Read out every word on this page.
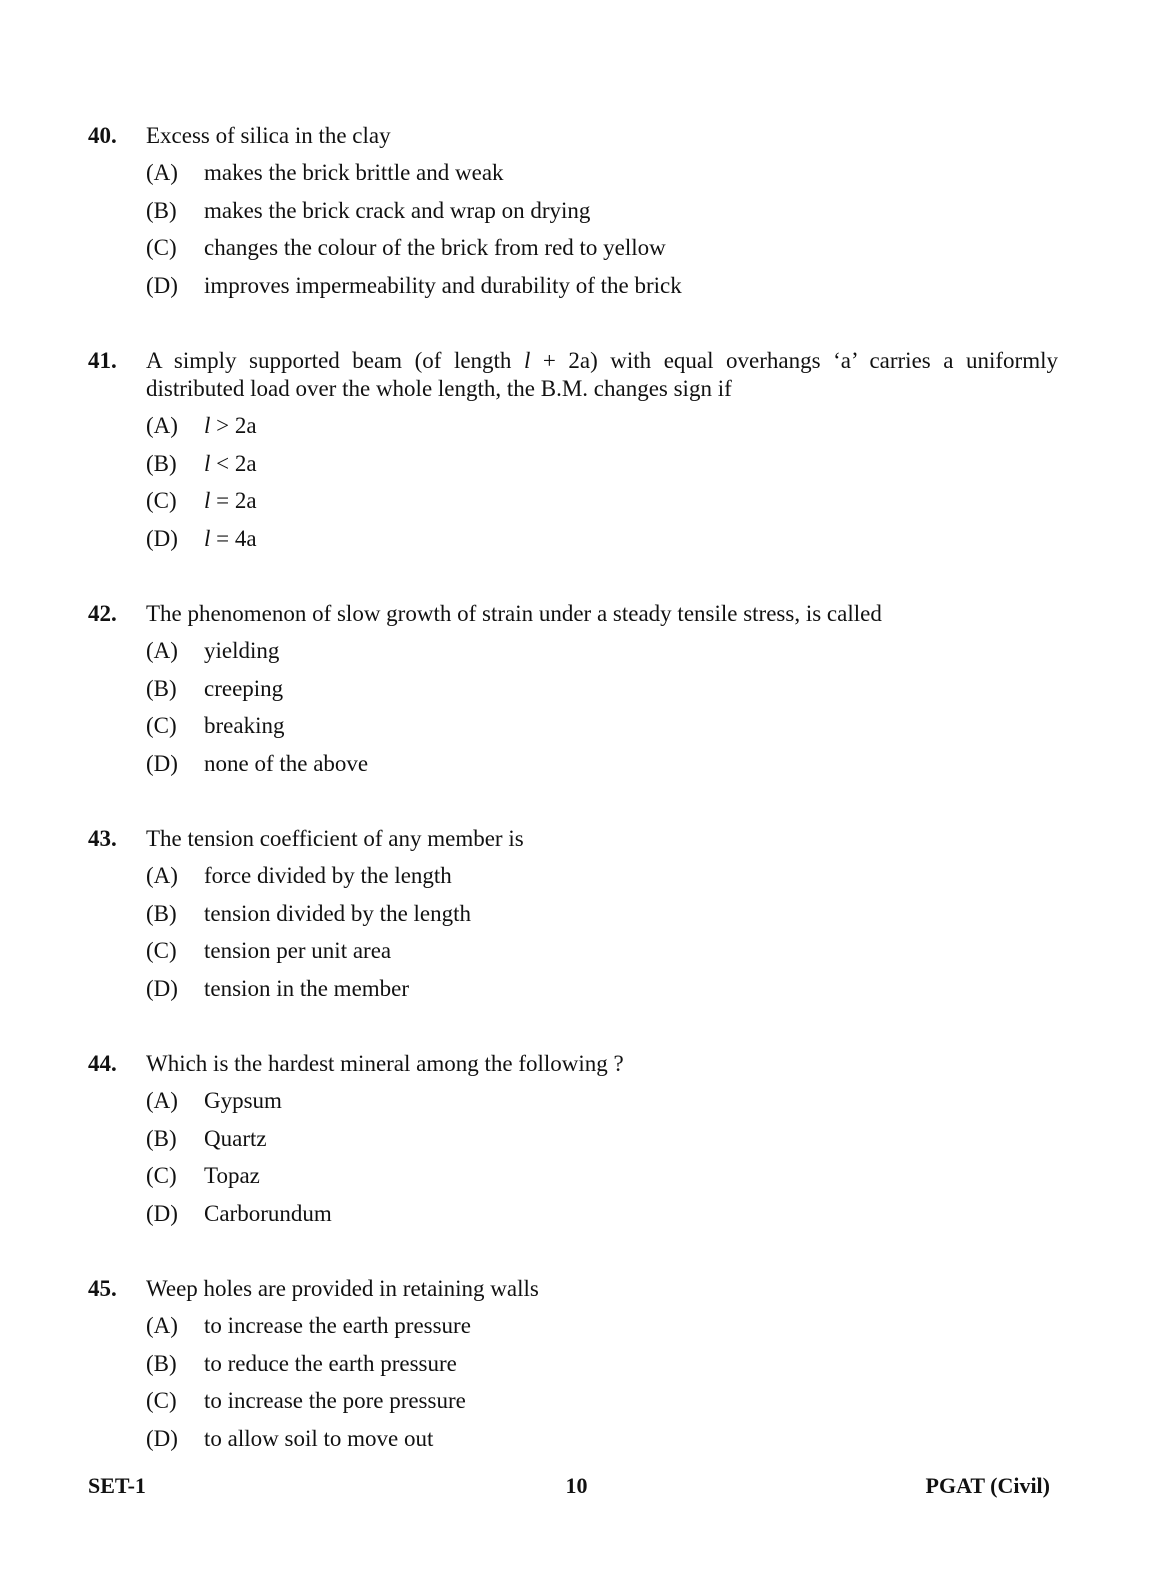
40. Excess of silica in the clay
(A) makes the brick brittle and weak
(B) makes the brick crack and wrap on drying
(C) changes the colour of the brick from red to yellow
(D) improves impermeability and durability of the brick
41. A simply supported beam (of length l + 2a) with equal overhangs ‘a’ carries a uniformly distributed load over the whole length, the B.M. changes sign if
(A) l > 2a
(B) l < 2a
(C) l = 2a
(D) l = 4a
42. The phenomenon of slow growth of strain under a steady tensile stress, is called
(A) yielding
(B) creeping
(C) breaking
(D) none of the above
43. The tension coefficient of any member is
(A) force divided by the length
(B) tension divided by the length
(C) tension per unit area
(D) tension in the member
44. Which is the hardest mineral among the following ?
(A) Gypsum
(B) Quartz
(C) Topaz
(D) Carborundum
45. Weep holes are provided in retaining walls
(A) to increase the earth pressure
(B) to reduce the earth pressure
(C) to increase the pore pressure
(D) to allow soil to move out
SET-1	10	PGAT (Civil)
